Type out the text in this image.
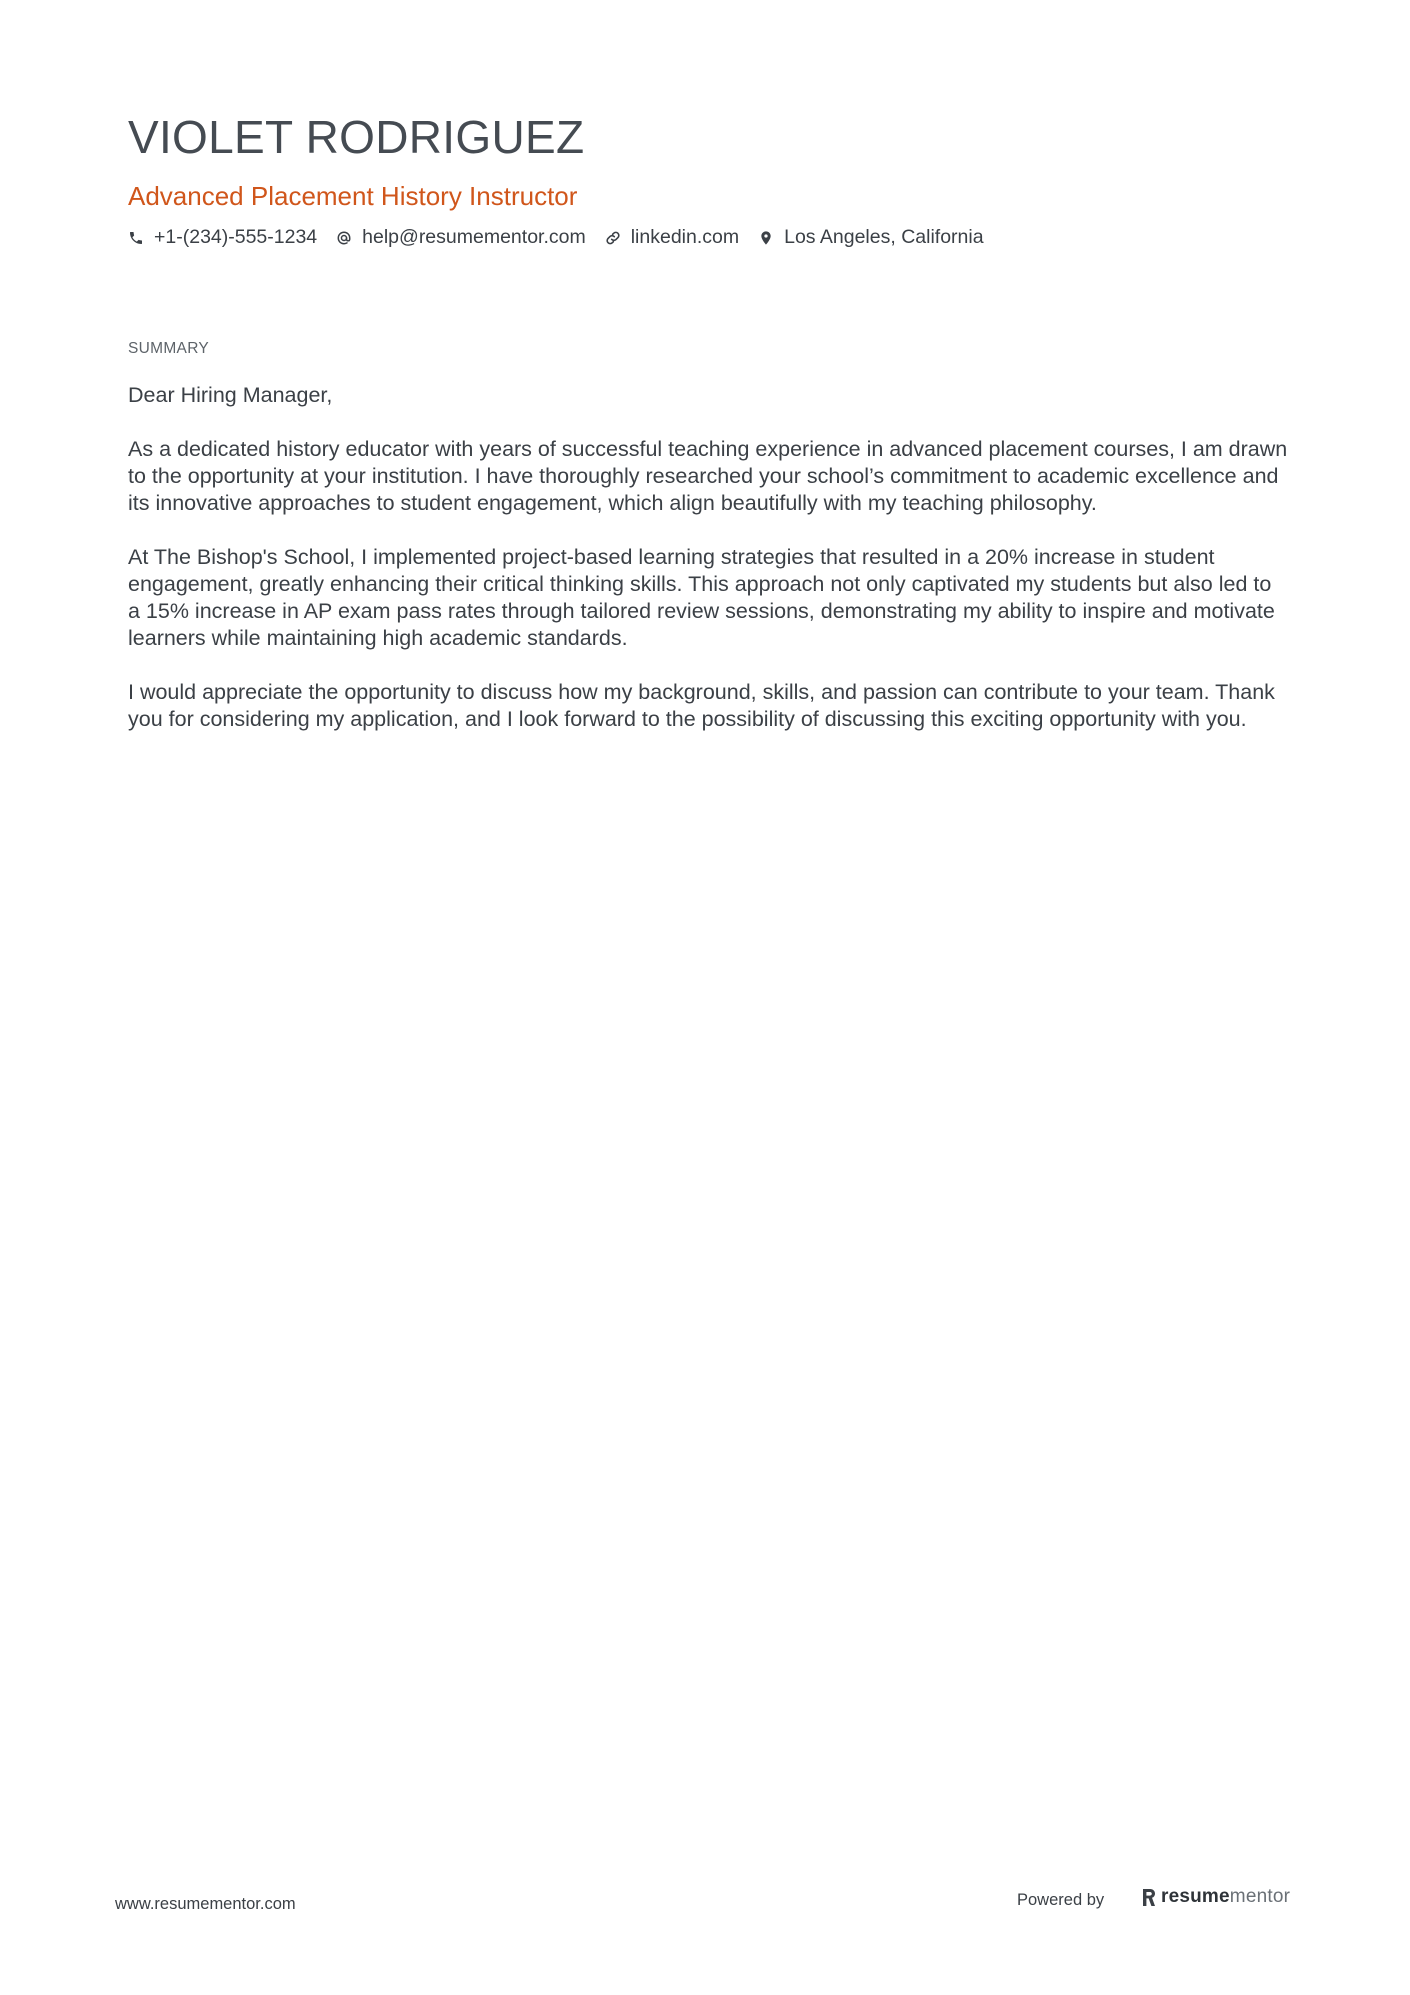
VIOLET RODRIGUEZ
Advanced Placement History Instructor
+1-(234)-555-1234 help@resumementor.com linkedin.com Los Angeles, California
SUMMARY

Dear Hiring Manager,

As a dedicated history educator with years of successful teaching experience in advanced placement courses, I am drawn to the opportunity at your institution. I have thoroughly researched your school’s commitment to academic excellence and its innovative approaches to student engagement, which align beautifully with my teaching philosophy.

At The Bishop's School, I implemented project-based learning strategies that resulted in a 20% increase in student engagement, greatly enhancing their critical thinking skills. This approach not only captivated my students but also led to a 15% increase in AP exam pass rates through tailored review sessions, demonstrating my ability to inspire and motivate learners while maintaining high academic standards.

I would appreciate the opportunity to discuss how my background, skills, and passion can contribute to your team. Thank you for considering my application, and I look forward to the possibility of discussing this exciting opportunity with you.

www.resumementor.com	Powered by	resumementor
